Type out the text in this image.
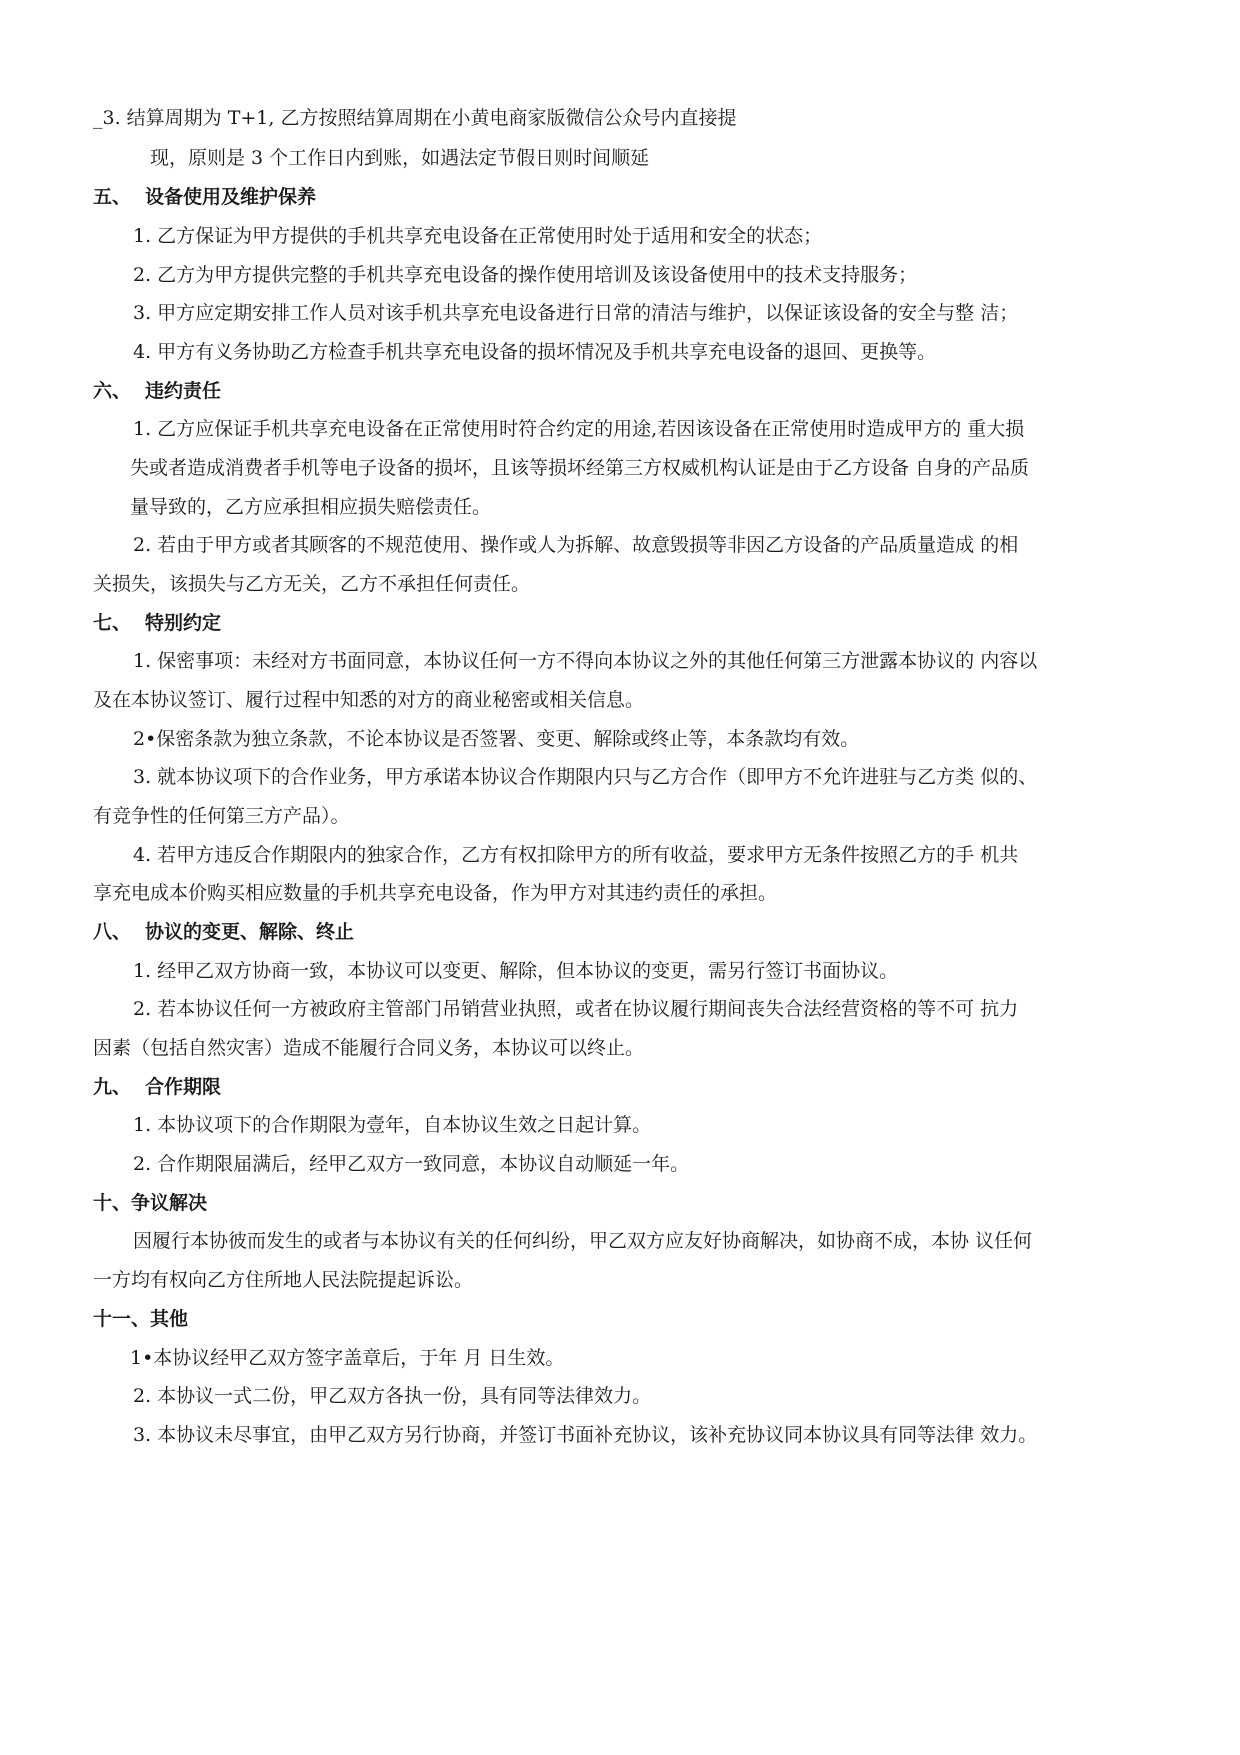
_3. 结算周期为 T+1, 乙方按照结算周期在小黄电商家版微信公众号内直接提
现，原则是 3 个工作日内到账，如遇法定节假日则时间顺延
五、 设备使用及维护保养
1. 乙方保证为甲方提供的手机共享充电设备在正常使用时处于适用和安全的状态；
2. 乙方为甲方提供完整的手机共享充电设备的操作使用培训及该设备使用中的技术支持服务；
3. 甲方应定期安排工作人员对该手机共享充电设备进行日常的清洁与维护，以保证该设备的安全与整 洁；
4. 甲方有义务协助乙方检查手机共享充电设备的损坏情况及手机共享充电设备的退回、更换等。
六、 违约责任
1. 乙方应保证手机共享充电设备在正常使用时符合约定的用途,若因该设备在正常使用时造成甲方的 重大损
失或者造成消费者手机等电子设备的损坏，且该等损坏经第三方权威机构认证是由于乙方设备 自身的产品质
量导致的，乙方应承担相应损失赔偿责任。
2. 若由于甲方或者其顾客的不规范使用、操作或人为拆解、故意毁损等非因乙方设备的产品质量造成 的相
关损失，该损失与乙方无关，乙方不承担任何责任。
七、 特别约定
1. 保密事项：未经对方书面同意，本协议任何一方不得向本协议之外的其他任何第三方泄露本协议的 内容以
及在本协议签订、履行过程中知悉的对方的商业秘密或相关信息。
2•保密条款为独立条款，不论本协议是否签署、变更、解除或终止等，本条款均有效。
3. 就本协议项下的合作业务，甲方承诺本协议合作期限内只与乙方合作（即甲方不允许进驻与乙方类 似的、
有竞争性的任何第三方产品）。
4. 若甲方违反合作期限内的独家合作，乙方有权扣除甲方的所有收益，要求甲方无条件按照乙方的手 机共
享充电成本价购买相应数量的手机共享充电设备，作为甲方对其违约责任的承担。
八、 协议的变更、解除、终止
1. 经甲乙双方协商一致，本协议可以变更、解除，但本协议的变更，需另行签订书面协议。
2. 若本协议任何一方被政府主管部门吊销营业执照，或者在协议履行期间丧失合法经营资格的等不可 抗力
因素（包括自然灾害）造成不能履行合同义务，本协议可以终止。
九、 合作期限
1. 本协议项下的合作期限为壹年，自本协议生效之日起计算。
2. 合作期限届满后，经甲乙双方一致同意，本协议自动顺延一年。
十、争议解决
因履行本协彼而发生的或者与本协议有关的任何纠纷，甲乙双方应友好协商解决，如协商不成，本协 议任何
一方均有权向乙方住所地人民法院提起诉讼。
十一、其他
1•本协议经甲乙双方签字盖章后，于年 月 日生效。
2. 本协议一式二份，甲乙双方各执一份，具有同等法律效力。
3. 本协议未尽事宜，由甲乙双方另行协商，并签订书面补充协议，该补充协议同本协议具有同等法律 效力。
